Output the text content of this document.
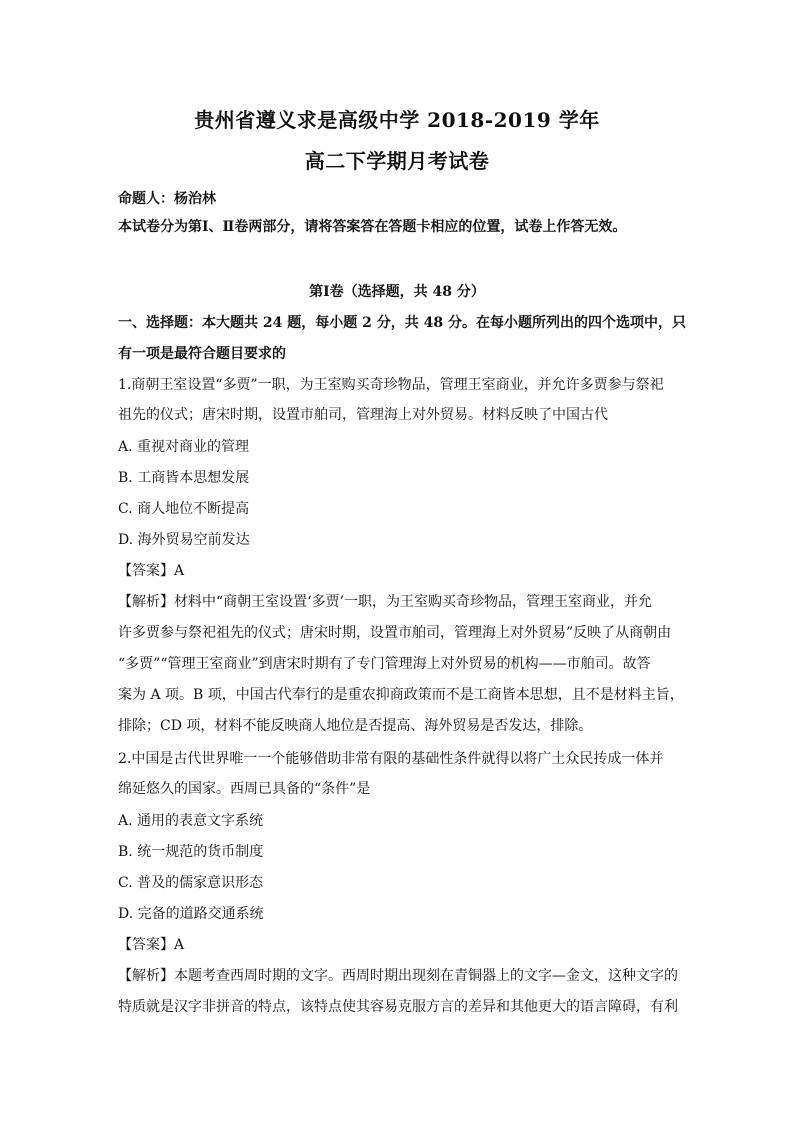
贵州省遵义求是高级中学 2018-2019 学年
高二下学期月考试卷
命题人：杨治林
本试卷分为第Ⅰ、Ⅱ卷两部分，请将答案答在答题卡相应的位置，试卷上作答无效。
第Ⅰ卷（选择题，共 48 分）
一、选择题：本大题共 24 题，每小题 2 分，共 48 分。在每小题所列出的四个选项中，只
有一项是最符合题目要求的
1.商朝王室设置“多贾”一职，为王室购买奇珍物品，管理王室商业，并允许多贾参与祭祀
祖先的仪式；唐宋时期，设置市舶司，管理海上对外贸易。材料反映了中国古代
A. 重视对商业的管理
B. 工商皆本思想发展
C. 商人地位不断提高
D. 海外贸易空前发达
【答案】A
【解析】材料中“商朝王室设置‘多贾’一职，为王室购买奇珍物品，管理王室商业，并允
许多贾参与祭祀祖先的仪式；唐宋时期，设置市舶司，管理海上对外贸易”反映了从商朝由
“多贾”“管理王室商业”到唐宋时期有了专门管理海上对外贸易的机构——市舶司。故答
案为 A 项。B 项，中国古代奉行的是重农抑商政策而不是工商皆本思想，且不是材料主旨，
排除；CD 项，材料不能反映商人地位是否提高、海外贸易是否发达，排除。
2.中国是古代世界唯一一个能够借助非常有限的基础性条件就得以将广土众民抟成一体并
绵延悠久的国家。西周已具备的“条件”是
A. 通用的表意文字系统
B. 统一规范的货币制度
C. 普及的儒家意识形态
D. 完备的道路交通系统
【答案】A
【解析】本题考查西周时期的文字。西周时期出现刻在青铜器上的文字—金文，这种文字的
特质就是汉字非拼音的特点，该特点使其容易克服方言的差异和其他更大的语言障碍，有利
